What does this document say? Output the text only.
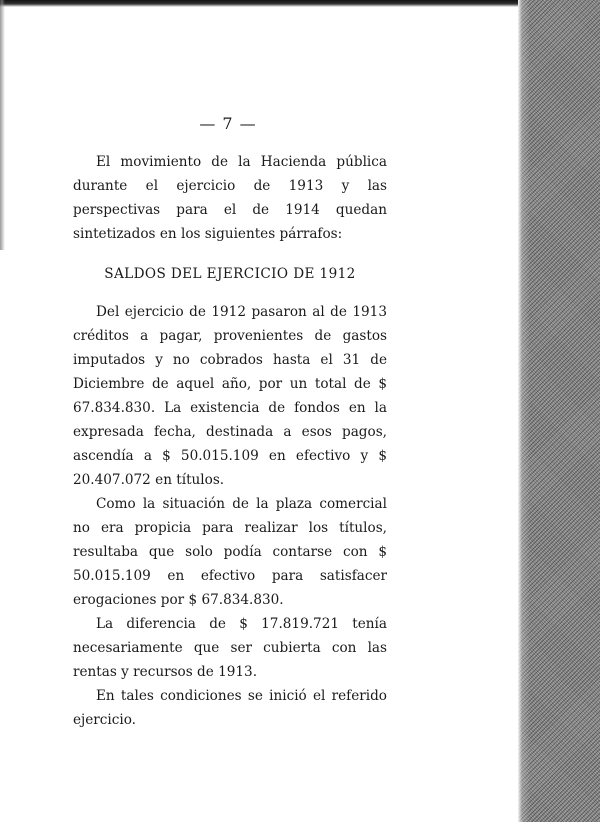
— 7 —

El movimiento de la Hacienda pública durante el ejercicio de 1913 y las perspectivas para el de 1914 quedan sintetizados en los siguientes párrafos:

SALDOS DEL EJERCICIO DE 1912

Del ejercicio de 1912 pasaron al de 1913 créditos a pagar, provenientes de gastos imputados y no cobrados hasta el 31 de Diciembre de aquel año, por un total de $ 67.834.830. La existencia de fondos en la expresada fecha, destinada a esos pagos, ascendía a $ 50.015.109 en efectivo y $ 20.407.072 en títulos.

Como la situación de la plaza comercial no era propicia para realizar los títulos, resultaba que solo podía contarse con $ 50.015.109 en efectivo para satisfacer erogaciones por $ 67.834.830.

La diferencia de $ 17.819.721 tenía necesariamente que ser cubierta con las rentas y recursos de 1913.

En tales condiciones se inició el referido ejercicio.
